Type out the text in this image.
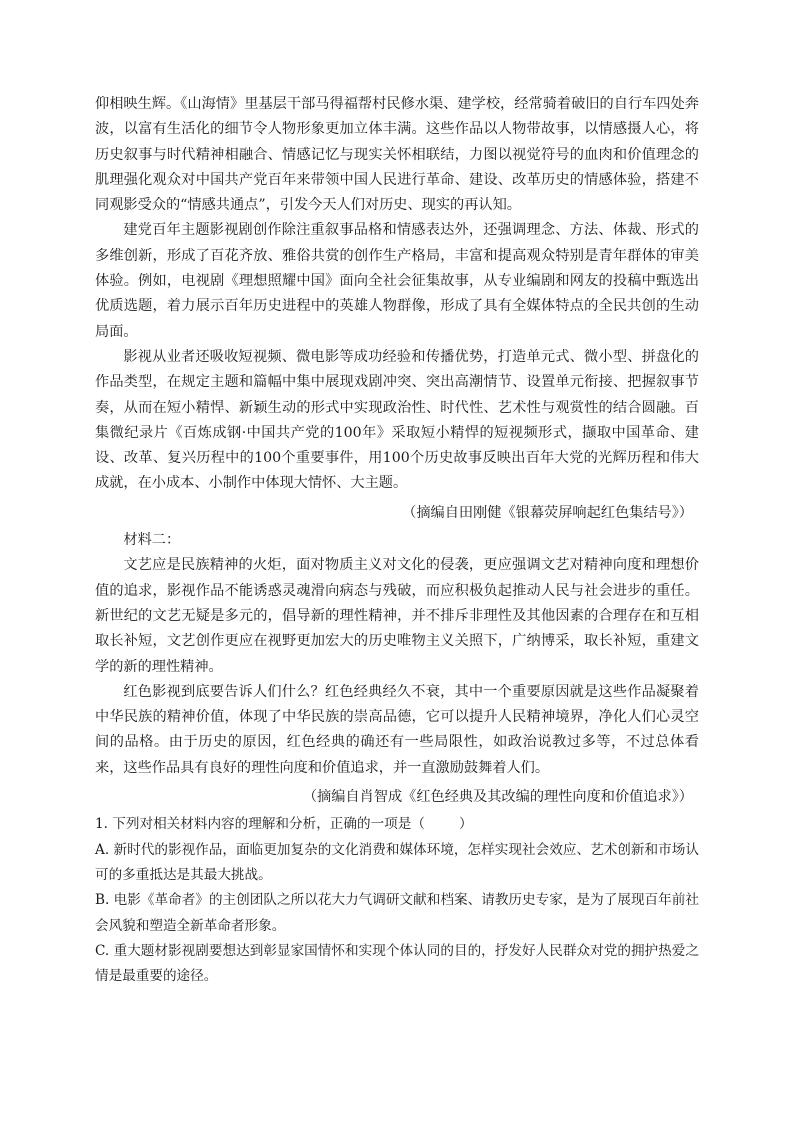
仰相映生辉。《山海情》里基层干部马得福帮村民修水渠、建学校，经常骑着破旧的自行车四处奔波，以富有生活化的细节令人物形象更加立体丰满。这些作品以人物带故事，以情感摄人心，将历史叙事与时代精神相融合、情感记忆与现实关怀相联结，力图以视觉符号的血肉和价值理念的肌理强化观众对中国共产党百年来带领中国人民进行革命、建设、改革历史的情感体验，搭建不同观影受众的“情感共通点”，引发今天人们对历史、现实的再认知。

建党百年主题影视剧创作除注重叙事品格和情感表达外，还强调理念、方法、体裁、形式的多维创新，形成了百花齐放、雅俗共赏的创作生产格局，丰富和提高观众特别是青年群体的审美体验。例如，电视剧《理想照耀中国》面向全社会征集故事，从专业编剧和网友的投稿中甄选出优质选题，着力展示百年历史进程中的英雄人物群像，形成了具有全媒体特点的全民共创的生动局面。

影视从业者还吸收短视频、微电影等成功经验和传播优势，打造单元式、微小型、拼盘化的作品类型，在规定主题和篇幅中集中展现戏剧冲突、突出高潮情节、设置单元衔接、把握叙事节奏，从而在短小精悍、新颖生动的形式中实现政治性、时代性、艺术性与观赏性的结合圆融。百集微纪录片《百炼成钢·中国共产党的100年》采取短小精悍的短视频形式，撷取中国革命、建设、改革、复兴历程中的100个重要事件，用100个历史故事反映出百年大党的光辉历程和伟大成就，在小成本、小制作中体现大情怀、大主题。

（摘编自田刚健《银幕荧屏响起红色集结号》）

材料二：

文艺应是民族精神的火炬，面对物质主义对文化的侵袭，更应强调文艺对精神向度和理想价值的追求，影视作品不能诱惑灵魂滑向病态与残破，而应积极负起推动人民与社会进步的重任。新世纪的文艺无疑是多元的，倡导新的理性精神，并不排斥非理性及其他因素的合理存在和互相取长补短，文艺创作更应在视野更加宏大的历史唯物主义关照下，广纳博采，取长补短，重建文学的新的理性精神。

红色影视到底要告诉人们什么？红色经典经久不衰，其中一个重要原因就是这些作品凝聚着中华民族的精神价值，体现了中华民族的崇高品德，它可以提升人民精神境界，净化人们心灵空间的品格。由于历史的原因，红色经典的确还有一些局限性，如政治说教过多等，不过总体看来，这些作品具有良好的理性向度和价值追求，并一直激励鼓舞着人们。

（摘编自肖智成《红色经典及其改编的理性向度和价值追求》）

1. 下列对相关材料内容的理解和分析，正确的一项是（	）

A. 新时代的影视作品，面临更加复杂的文化消费和媒体环境，怎样实现社会效应、艺术创新和市场认可的多重抵达是其最大挑战。

B. 电影《革命者》的主创团队之所以花大力气调研文献和档案、请教历史专家，是为了展现百年前社会风貌和塑造全新革命者形象。

C. 重大题材影视剧要想达到彰显家国情怀和实现个体认同的目的，抒发好人民群众对党的拥护热爱之情是最重要的途径。
